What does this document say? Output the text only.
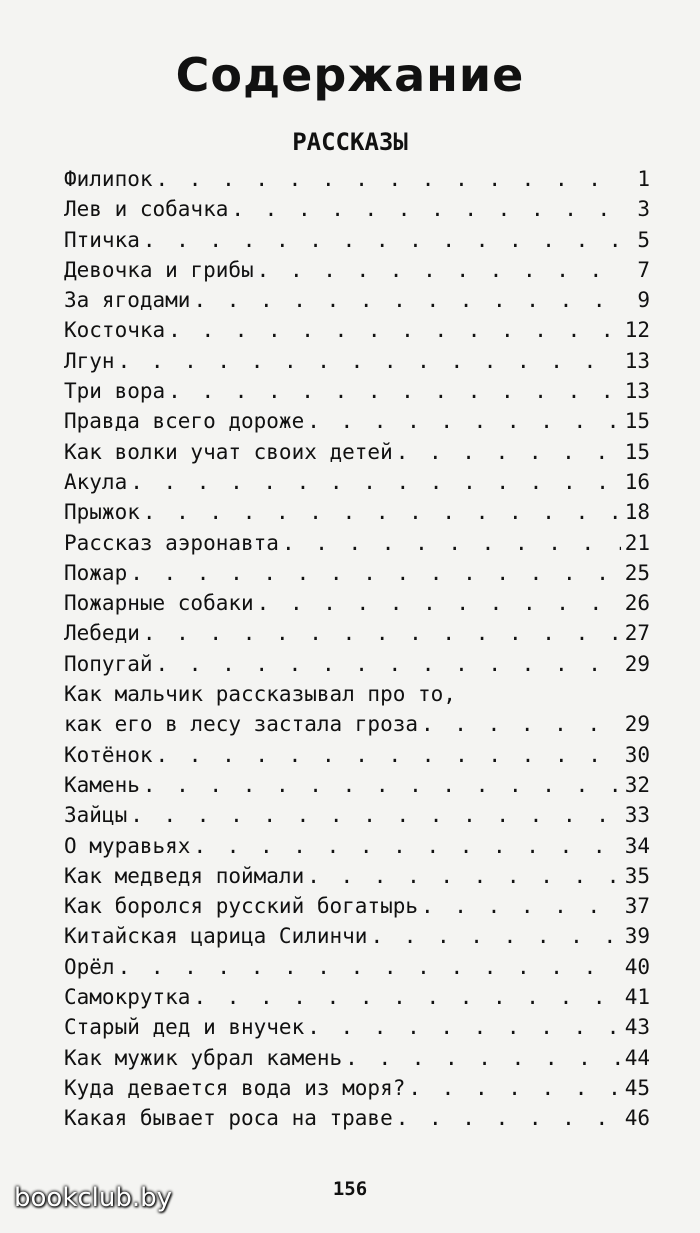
Содержание
РАССКАЗЫ
Филипок . . .	1
Лев и собачка . . .	3
Птичка . . .	5
Девочка и грибы . . .	7
За ягодами . . .	9
Косточка . . .	12
Лгун . . .	13
Три вора . . .	13
Правда всего дороже . . .	15
Как волки учат своих детей . . .	15
Акула . . .	16
Прыжок . . .	18
Рассказ аэронавта . . .	21
Пожар . . .	25
Пожарные собаки . . .	26
Лебеди . . .	27
Попугай . . .	29
Как мальчик рассказывал про то,
как его в лесу застала гроза . . .	29
Котёнок . . .	30
Камень . . .	32
Зайцы . . .	33
О муравьях . . .	34
Как медведя поймали . . .	35
Как боролся русский богатырь . . .	37
Китайская царица Силинчи . . .	39
Орёл . . .	40
Самокрутка . . .	41
Старый дед и внучек . . .	43
Как мужик убрал камень . . .	44
Куда девается вода из моря? . . .	45
Какая бывает роса на траве . . .	46
156
bookclub.by
